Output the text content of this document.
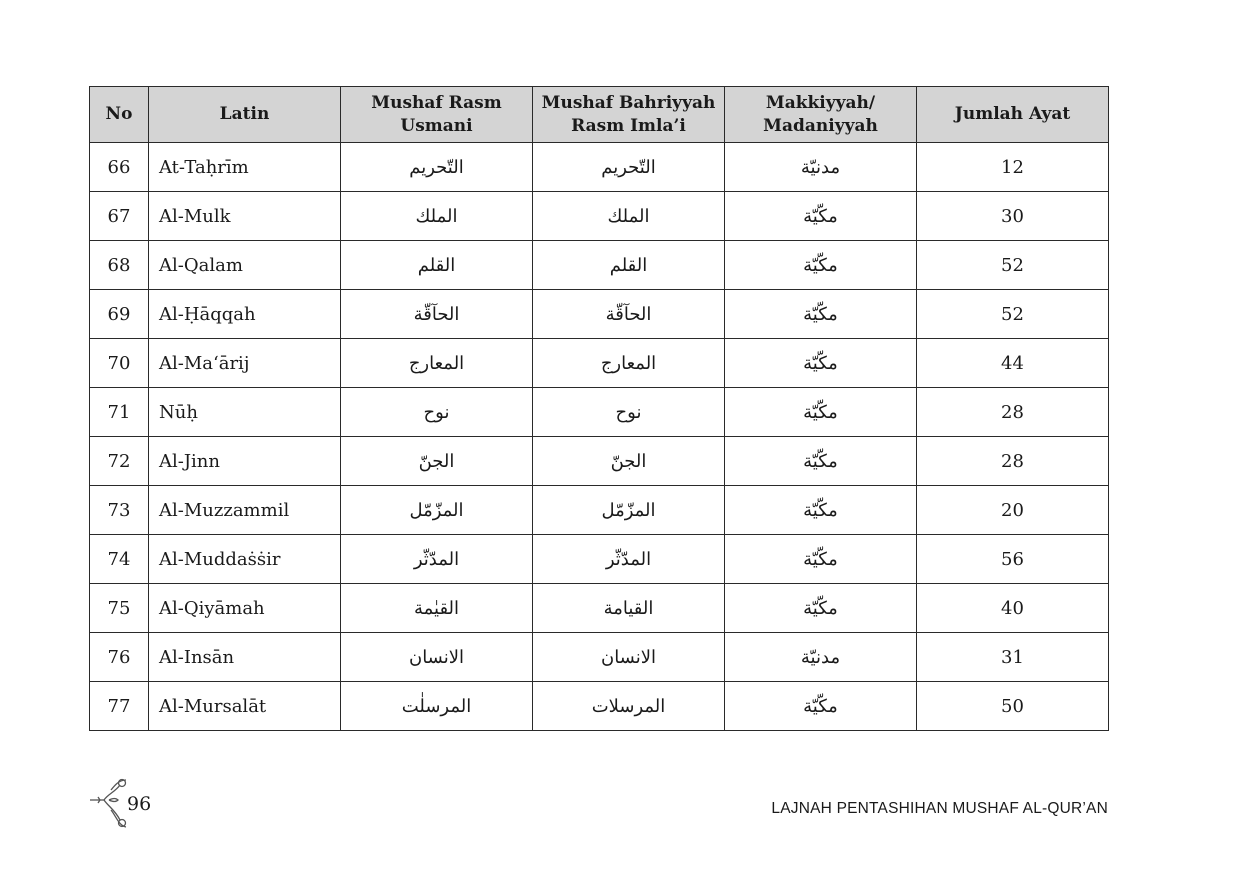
No	Latin	Mushaf Rasm Usmani	Mushaf Bahriyyah Rasm Imla’i	Makkiyyah/ Madaniyyah	Jumlah Ayat
66	At-Taḥrīm	التّحريم	التّحريم	مدنيّة	12
67	Al-Mulk	الملك	الملك	مكّيّة	30
68	Al-Qalam	القلم	القلم	مكّيّة	52
69	Al-Ḥāqqah	الحآقّة	الحآقّة	مكّيّة	52
70	Al-Ma‘ārij	المعارج	المعارج	مكّيّة	44
71	Nūḥ	نوح	نوح	مكّيّة	28
72	Al-Jinn	الجنّ	الجنّ	مكّيّة	28
73	Al-Muzzammil	المزّمّل	المزّمّل	مكّيّة	20
74	Al-Muddaṡṡir	المدّثّر	المدّثّر	مكّيّة	56
75	Al-Qiyāmah	القيٰمة	القيامة	مكّيّة	40
76	Al-Insān	الانسان	الانسان	مدنيّة	31
77	Al-Mursalāt	المرسلٰت	المرسلات	مكّيّة	50
96	LAJNAH PENTASHIHAN MUSHAF AL-QUR’AN
